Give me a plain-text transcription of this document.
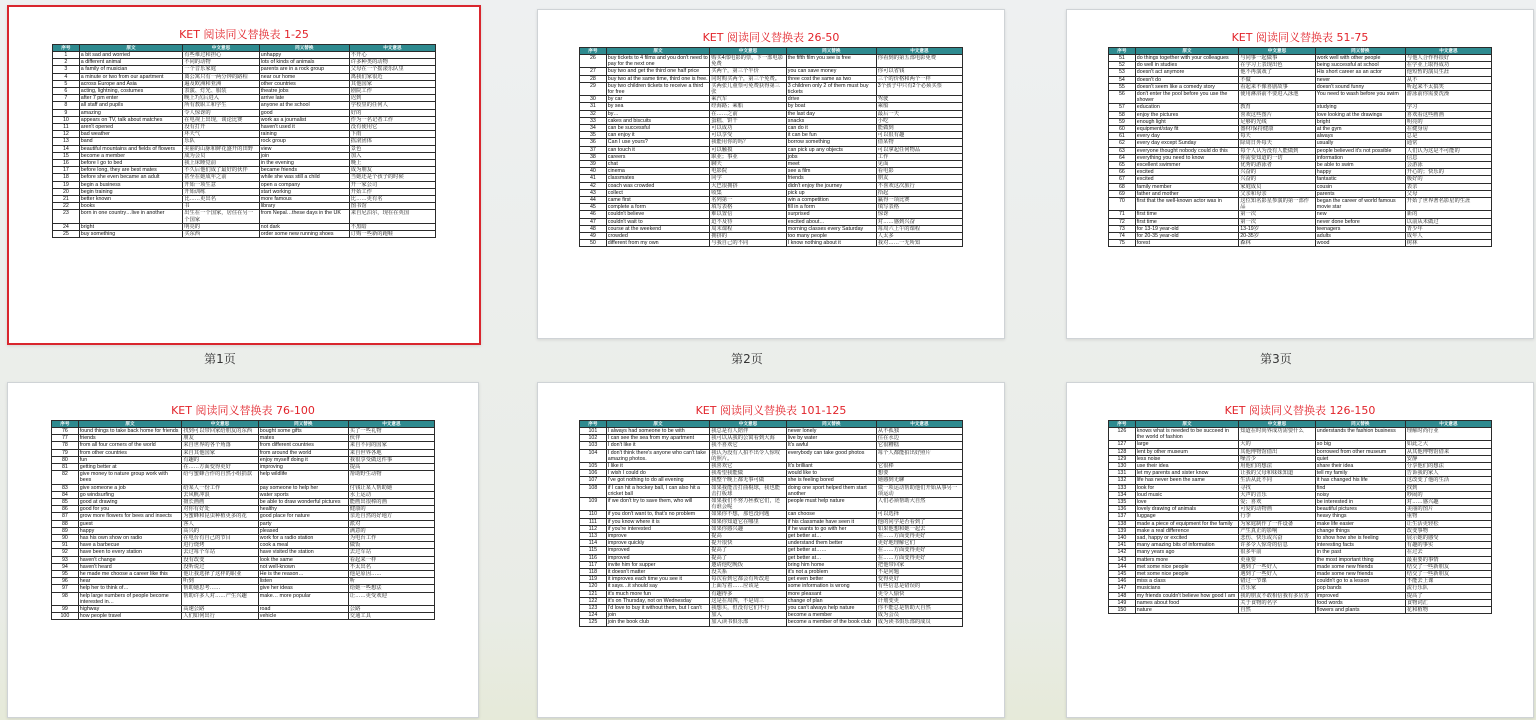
KET 阅读同义替换表 1-25
序号	原文	中文意思	同义替换	中文意思
1	a bit sad and worried	有些难过和担心	unhappy	不开心
2	a different animal	不同的动物	lots of kinds of animals	许多种类的动物
3	a family of musician	一个音乐家庭	parents are in a rock group	父母在一个摇滚乐队里
4	a minute or two from our apartment	离公寓只有一两分钟的路程	near our home	离我们家很近
5	across Europe and Asia	遍及欧洲和亚洲	other countries	其他国家
6	acting, lightning, costumes	表演、灯光、服装	theatre jobs	剧院工作
7	after 7 pm enter	晚上7点后进入	arrive late	迟到
8	all staff and pupils	所有教职工和学生	anyone at the school	学校里的任何人
9	amazing	令人惊讶的	good	好的
10	appears on TV, talk about matches	在电视上出现，谈论比赛	work as a journalist	作为一名记者工作
11	aren't opened	没有打开	haven't used it	没有使用它
12	bad weather	坏天气	raining	下雨
13	band	乐队	rock group	摇滚团体
14	beautiful mountains and fields of flowers	美丽的山脉和鲜花盛开的田野	view	景色
15	become a member	成为会员	join	加入
16	before I go to bed	我上床睡觉前	in the evening	晚上
17	before long, they are best mates	不久后他们成了最好的伙伴	became friends	成为朋友
18	before she even became an adult	甚至在她成年之前	while she was still a child	当她还是个孩子的时候
19	begin a business	开始一项生意	open a company	开一家公司
20	begin training	开始训练	start working	开始工作
21	better known	比……更出名	more famous	比……更有名
22	books	书	library	图书馆
23	born in one country…live in another	出生在一个国家，居住在另一个国家	from Nepal…these days in the UK	来自尼泊尔，现在在英国
24	bright	明亮的	not dark	不黑暗
25	buy something	买东西	order some new running shoes	订购一些新的跑鞋
第1页
KET 阅读同义替换表 26-50
序号	原文	中文意思	同义替换	中文意思
26	buy tickets to 4 films and you don't need to pay for the next one	购买4部电影的票，下一部电影免费	the fifth film you see is free	你看到的第五部电影免费
27	buy two and get the third one half price	买两个，第三个半价	you can save money	你可以省钱
28	buy two at the same time, third one is free.	同时购买两个，第三个免费。	three cost the same as two	三个的价格和两个一样
29	buy two children tickets to receive a third for free	买两张儿童票可免费获得第三张	3 children only 2 of them must buy tickets	3个孩子中只有2个必须买票
30	by car	乘汽车	drive	驾驶
31	by sea	经海路；乘船	by boat	乘船
32	by…	在……之前	the last day	最后一天
33	cakes and biscuits	蛋糕、饼干	snacks	小吃
34	can be successful	可以成功	can do it	能做到
35	can enjoy it	可以享受	it can be fun	可以很有趣
36	Can I use yours?	我能用你的吗？	borrow something	借某物
37	can touch it	可以触摸	can pick up any objects	可以拿起任何物品
38	careers	职业；事业	jobs	工作
39	chat	聊天	meet	见面
40	cinema	电影院	see a film	看电影
41	classmates	同学	friends	朋友
42	coach was crowded	大巴很拥挤	didn't enjoy the journey	不喜欢这次旅行
43	collect	收集	pick up	拾起
44	came first	名列第一	win a competition	赢得一项比赛
45	complete a form	填写表格	fill in a form	填写表格
46	couldn't believe	难以置信	surprised	惊讶
47	couldn't wait to	迫不及待	excited about…	对……感到兴奋
48	course at the weekend	周末课程	morning classes every Saturday	每周六上午的课程
49	crowded	拥挤的	too many people	人太多
50	different from my own	与我自己的不同	I know nothing about it	我对……一无所知
第2页
KET 阅读同义替换表 51-75
序号	原文	中文意思	同义替换	中文意思
51	do things together with your colleagues	与同事一起做事	work well with other people	与他人合作得很好
52	do well in studies	在学习上表现出色	being successful at school	在学业上取得成功
53	doesn't act anymore	他不再演戏了	His short career as an actor	他短暂的演员生涯
54	doesn't do	不做	never	从不
55	doesn't seem like a comedy story	看起来不像喜剧故事	doesn't sound funny	听起来不太搞笑
56	don't enter the pool before you use the shower	使用淋浴前不要进入泳池	You need to wash before you swim	游泳前你需要洗澡
57	education	教育	studying	学习
58	enjoy the pictures	喜欢这些图片	love looking at the drawings	喜欢看这些画画
59	enough light	足够的光线	bright	明亮的
60	equipment/stay fit	器材/保持健康	at the gym	在健身房
61	every day	每天	always	总是
62	every day except Sunday	除周日外每天	usually	通常
63	everyone thought nobody could do this	每个人认为没有人能做到	people believed it's not possible	人们认为这是不可能的
64	everything you need to know	你需要知道的一切	information	信息
65	excellent swimmer	优秀的游泳者	be able to swim	会游泳
66	excited	兴奋的	happy	开心的；快乐的
67	excited	兴奋的	fantastic	极好的
68	family member	家庭成员	cousin	表亲
69	father and mother	父亲和母亲	parents	父母
70	first that the well-known actor was in	这位知名影星参演的第一部作品	began the career of world famous movie star	开始了世界著名影星的生涯
71	first time	第一次	new	新的
72	first time	第一次	never done before	以前从未做过
73	for 13-19 year-old	13-19岁	teenagers	青少年
74	for 20-35 year-old	20-35岁	adults	成年人
75	forest	森林	wood	树林
第3页
KET 阅读同义替换表 76-100
序号	原文	中文意思	同义替换	中文意思
76	found things to take back home for friends	找到可以带回家给朋友的东西	bought some gifts	买了一些礼物
77	friends	朋友	mates	伙伴
78	from all four corners of the world	来自世界的各个角落	from different countries	来自不同的国家
79	from other countries	来自其他国家	from around the world	来自世界各地
80	fun	有趣的	enjoy myself doing it	我很享受做这件事
81	getting better at	在……方面变得更好	improving	提高
82	give money to nature group work with bees	给与蜜蜂合作的自然小组捐款	help wildlife	帮助野生动物
83	give someone a job	给某人一份工作	pay someone to help her	付钱让某人帮助她
84	go windsurfing	去风帆冲浪	water sports	水上运动
85	good at drawing	擅长画画	be able to draw wonderful pictures	能画出很棒的画
86	good for you	对你有好处	healthy	健康的
87	grow more flowers for bees and insects	为蜜蜂和昆虫种植更多的花	good place for nature	亲近自然的好地方
88	guest	客人	party	派对
89	happy	高兴的	pleased	满意的
90	has his own show on radio	在电台有自己的节目	work for a radio station	为电台工作
91	have a barbecue	进行烧烤	cook a meal	做饭
92	have been to every station	去过每个车站	have visited the station	去过车站
93	haven't change	没有改变	look the same	看起来一样
94	haven't heard	没听说过	not well-known	不太出名
95	he made me choose a career like this	他让我选择了这样的职业	He is the reason…	他是原因……
96	hear	听到	listen	听
97	help her to think of…	帮助她思考……	give her ideas	给她一些想法
98	help large numbers of people become interested in…	帮助许多人对……产生兴趣	make… more popular	让……更受欢迎
99	highway	高速公路	road	公路
100	how people travel	人们如何出行	vehicle	交通工具
KET 阅读同义替换表 101-125
序号	原文	中文意思	同义替换	中文意思
101	I always had someone to be with	我总是有人陪伴	never lonely	从不孤独
102	I can see the sea from my apartment	我可以从我的公寓看到大海	live by water	住在水边
103	I don't like it	我不喜欢它	It's awful	它很糟糕
104	I don't think there's anyone who can't take amazing photos.	我认为没有人拍不出令人惊叹的照片。	everybody can take good photos	每个人都能拍出好照片
105	I like it	我喜欢它	It's brilliant	它很棒
106	I wish I could do	我希望我能做	would like to	想要
107	I've got nothing to do all evening	我整个晚上都无事可做	she is feeling bored	她感到无聊
108	if I can hit a hockey ball, I can also hit a cricket ball	如果我能击打曲棍球，我也能击打板球	doing one sport helped them start another	做一项运动帮助他们开始从事另一项运动
109	if we don't try to save them, who will	如果我们不努力拯救它们，还有谁会呢	people must help nature	人们必须帮助大自然
110	if you don't want to, that's no problem	如果你不想，那也没问题	can choose	可以选择
111	if you know where it is	如果你知道它在哪里	if his classmate have seen it	他的同学是否看到了
112	if you're interested	如果你感兴趣	if he wants to go with her	如果他想和她一起去
113	improve	提高	get better at…	在……方面变得更好
114	improve quickly	提升很快	understand them better	更好地理解它们
115	improved	提高了	get better at……	在……方面变得更好
116	improved	提高了	get better at…	在……方面变得更好
117	invite him for supper	邀请他吃晚饭	bring him home	把他带回家
118	it doesn't matter	没关系	it's not a problem	不是问题
119	it improves each time you see it	每次看到它都会有所改进	get even better	变得更好
120	it says…it should say	上面写着……应该是	some information is wrong	有些信息是错误的
121	it's much more fun	有趣得多	more pleasant	更令人愉快
122	it's on Thursday, not on Wednesday	这是在周四，不是周三	change of plan	计划变更
123	I'd love to buy it without them, but I can't	我想买，但没有它们不行	you can't always help nature	你不能总是帮助大自然
124	join	加入	become a member	成为会员
125	join the book club	加入读书俱乐部	become a member of the book club	成为读书俱乐部的成员
KET 阅读同义替换表 126-150
序号	原文	中文意思	同义替换	中文意思
126	knows what is needed to be succeed in the world of fashion	知道在时尚界成功需要什么	understands the fashion business	理解时尚行业
127	large	大的	so big	如此之大
128	lent by other museum	其他博物馆借出	borrowed from other museum	从其他博物馆借来
129	less noise	噪音少	quiet	安静
130	use their idea	用他们的想法	share their idea	分享他们的想法
131	let my parents and sister know	让我的父母和妹妹知道	tell my family	告诉我的家人
132	life has never been the same	生活从此不同	it has changed his life	这改变了他的生活
133	look for	寻找	find	找到
134	loud music	大声的音乐	noisy	吵闹的
135	love	爱；喜欢	be interested in	对……感兴趣
136	lovely drawing of animals	可爱的动物画	beautiful pictures	美丽的图片
137	luggage	行李	heavy things	重物
138	made a piece of equipment for the family	为家庭制作了一件设备	make life easier	让生活更轻松
139	make a real difference	产生真正的影响	change things	改变事物
140	sad, happy or excited	悲伤、快乐或兴奋	to show how she is feeling	展示她的感受
141	many amazing bits of information	许多令人惊奇的信息	interesting facts	有趣的事实
142	many years ago	很多年前	in the past	在过去
143	matters more	更重要	the most important thing	最重要的事情
144	met some nice people	遇到了一些好人	made some new friends	结交了一些新朋友
145	met some nice people	遇到了一些好人	made some new friends	结交了一些新朋友
146	miss a class	错过一节课	couldn't go to a lesson	不能去上课
147	musicians	音乐家	pop bands	流行乐队
148	my friends couldn't believe how good I am	我的朋友不敢相信我有多厉害	improved	提高了
149	names about food	关于食物的名字	food words	食物词汇
150	nature	自然	flowers and plants	花和植物
